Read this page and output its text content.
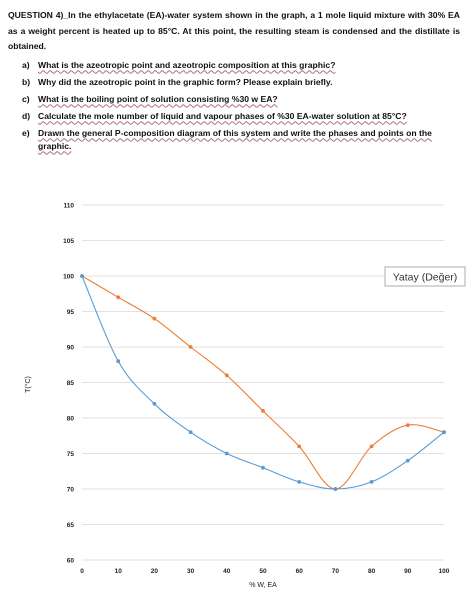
QUESTION 4)_In the ethylacetate (EA)-water system shown in the graph, a 1 mole liquid mixture with 30% EA as a weight percent is heated up to 85°C. At this point, the resulting steam is condensed and the distillate is obtained.

a) What is the azeotropic point and azeotropic composition at this graphic?
b) Why did the azeotropic point in the graphic form? Please explain briefly.
c) What is the boiling point of solution consisting %30 w EA?
d) Calculate the mole number of liquid and vapour phases of %30 EA-water solution at 85°C?
e) Drawn the general P-composition diagram of this system and write the phases and points on the graphic.
60
65
70
75
80
85
90
95
100
105
110
0	10	20	30	40	50	60	70	80	90	100
T(°C)
% W, EA
Yatay (Değer)
